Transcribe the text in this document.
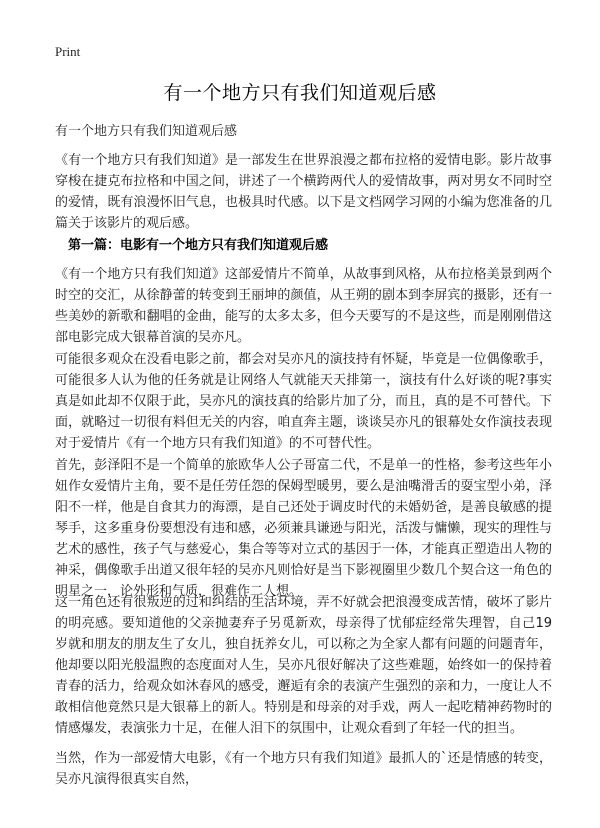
Print
有一个地方只有我们知道观后感
有一个地方只有我们知道观后感

《有一个地方只有我们知道》是一部发生在世界浪漫之都布拉格的爱情电影。影片故事穿梭在捷克布拉格和中国之间，讲述了一个横跨两代人的爱情故事，两对男女不同时空的爱情，既有浪漫怀旧气息，也极具时代感。以下是文档网学习网的小编为您准备的几篇关于该影片的观后感。

第一篇：电影有一个地方只有我们知道观后感

《有一个地方只有我们知道》这部爱情片不简单，从故事到风格，从布拉格美景到两个时空的交汇，从徐静蕾的转变到王丽坤的颜值，从王朔的剧本到李屏宾的摄影，还有一些美妙的新歌和翻唱的金曲，能写的太多太多，但今天要写的不是这些，而是刚刚借这部电影完成大银幕首演的吴亦凡。

可能很多观众在没看电影之前，都会对吴亦凡的演技持有怀疑，毕竟是一位偶像歌手，可能很多人认为他的任务就是让网络人气就能天天排第一，演技有什么好谈的呢?事实真是如此却不仅限于此，吴亦凡的演技真的给影片加了分，而且，真的是不可替代。下面，就略过一切很有料但无关的内容，咱直奔主题，谈谈吴亦凡的银幕处女作演技表现对于爱情片《有一个地方只有我们知道》的不可替代性。

首先，彭泽阳不是一个简单的旅欧华人公子哥富二代，不是单一的性格，参考这些年小妞作女爱情片主角，要不是任劳任怨的保姆型暖男，要么是油嘴滑舌的耍宝型小弟，泽阳不一样，他是自食其力的海漂，是自己还处于调皮时代的未婚奶爸，是善良敏感的提琴手，这多重身份要想没有违和感，必须兼具谦逊与阳光，活泼与慵懒，现实的理性与艺术的感性，孩子气与慈爱心，集合等等对立式的基因于一体，才能真正塑造出人物的神采，偶像歌手出道又很年轻的吴亦凡则恰好是当下影视圈里少数几个契合这一角色的明星之一，论外形和气质，很难作二人想。

这一角色还有很叛逆的过和纠结的生活环境，弄不好就会把浪漫变成苦情，破坏了影片的明亮感。要知道他的父亲抛妻弃子另觅新欢，母亲得了忧郁症经常失理智，自己19岁就和朋友的朋友生了女儿，独自抚养女儿，可以称之为全家人都有问题的问题青年，他却要以阳光般温煦的态度面对人生，吴亦凡很好解决了这些难题，始终如一的保持着青春的活力，给观众如沐春风的感受，邂逅有余的表演产生强烈的亲和力，一度让人不敢相信他竟然只是大银幕上的新人。特别是和母亲的对手戏，两人一起吃精神药物时的情感爆发，表演张力十足，在催人泪下的氛围中，让观众看到了年轻一代的担当。

当然，作为一部爱情大电影，《有一个地方只有我们知道》最抓人的`还是情感的转变，吴亦凡演得很真实自然，
